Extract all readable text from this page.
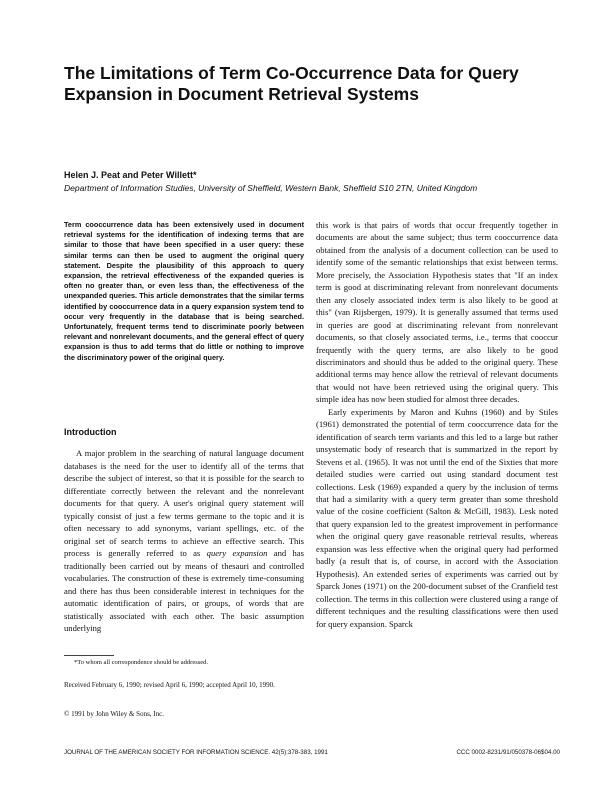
The Limitations of Term Co-Occurrence Data for Query
Expansion in Document Retrieval Systems
Helen J. Peat and Peter Willett*
Department of Information Studies, University of Sheffield, Western Bank, Sheffield S10 2TN, United Kingdom

Term cooccurrence data has been extensively used in document retrieval systems for the identification of indexing terms that are similar to those that have been specified in a user query: these similar terms can then be used to augment the original query statement. Despite the plausibility of this approach to query expansion, the retrieval effectiveness of the expanded queries is often no greater than, or even less than, the effectiveness of the unexpanded queries. This article demonstrates that the similar terms identified by cooccurrence data in a query expansion system tend to occur very frequently in the database that is being searched. Unfortunately, frequent terms tend to discriminate poorly between relevant and nonrelevant documents, and the general effect of query expansion is thus to add terms that do little or nothing to improve the discriminatory power of the original query.

Introduction

A major problem in the searching of natural language document databases is the need for the user to identify all of the terms that describe the subject of interest, so that it is possible for the search to differentiate correctly between the relevant and the nonrelevant documents for that query. A user's original query statement will typically consist of just a few terms germane to the topic and it is often necessary to add synonyms, variant spellings, etc. of the original set of search terms to achieve an effective search. This process is generally referred to as query expansion and has traditionally been carried out by means of thesauri and controlled vocabularies. The construction of these is extremely time-consuming and there has thus been considerable interest in techniques for the automatic identification of pairs, or groups, of words that are statistically associated with each other. The basic assumption underlying

*To whom all correspondence should be addressed.
Received February 6, 1990; revised April 6, 1990; accepted April 10, 1990.
© 1991 by John Wiley & Sons, Inc.

this work is that pairs of words that occur frequently together in documents are about the same subject; thus term cooccurrence data obtained from the analysis of a document collection can be used to identify some of the semantic relationships that exist between terms. More precisely, the Association Hypothesis states that "If an index term is good at discriminating relevant from nonrelevant documents then any closely associated index term is also likely to be good at this" (van Rijsbergen, 1979). It is generally assumed that terms used in queries are good at discriminating relevant from nonrelevant documents, so that closely associated terms, i.e., terms that cooccur frequently with the query terms, are also likely to be good discriminators and should thus be added to the original query. These additional terms may hence allow the retrieval of relevant documents that would not have been retrieved using the original query. This simple idea has now been studied for almost three decades.

Early experiments by Maron and Kuhns (1960) and by Stiles (1961) demonstrated the potential of term cooccurrence data for the identification of search term variants and this led to a large but rather unsystematic body of research that is summarized in the report by Stevens et al. (1965). It was not until the end of the Sixties that more detailed studies were carried out using standard document test collections. Lesk (1969) expanded a query by the inclusion of terms that had a similarity with a query term greater than some threshold value of the cosine coefficient (Salton & McGill, 1983). Lesk noted that query expansion led to the greatest improvement in performance when the original query gave reasonable retrieval results, whereas expansion was less effective when the original query had performed badly (a result that is, of course, in accord with the Association Hypothesis). An extended series of experiments was carried out by Sparck Jones (1971) on the 200-document subset of the Cranfield test collection. The terms in this collection were clustered using a range of different techniques and the resulting classifications were then used for query expansion. Sparck

JOURNAL OF THE AMERICAN SOCIETY FOR INFORMATION SCIENCE. 42(5):378-383, 1991	CCC 0002-8231/91/050378-06$04.00
